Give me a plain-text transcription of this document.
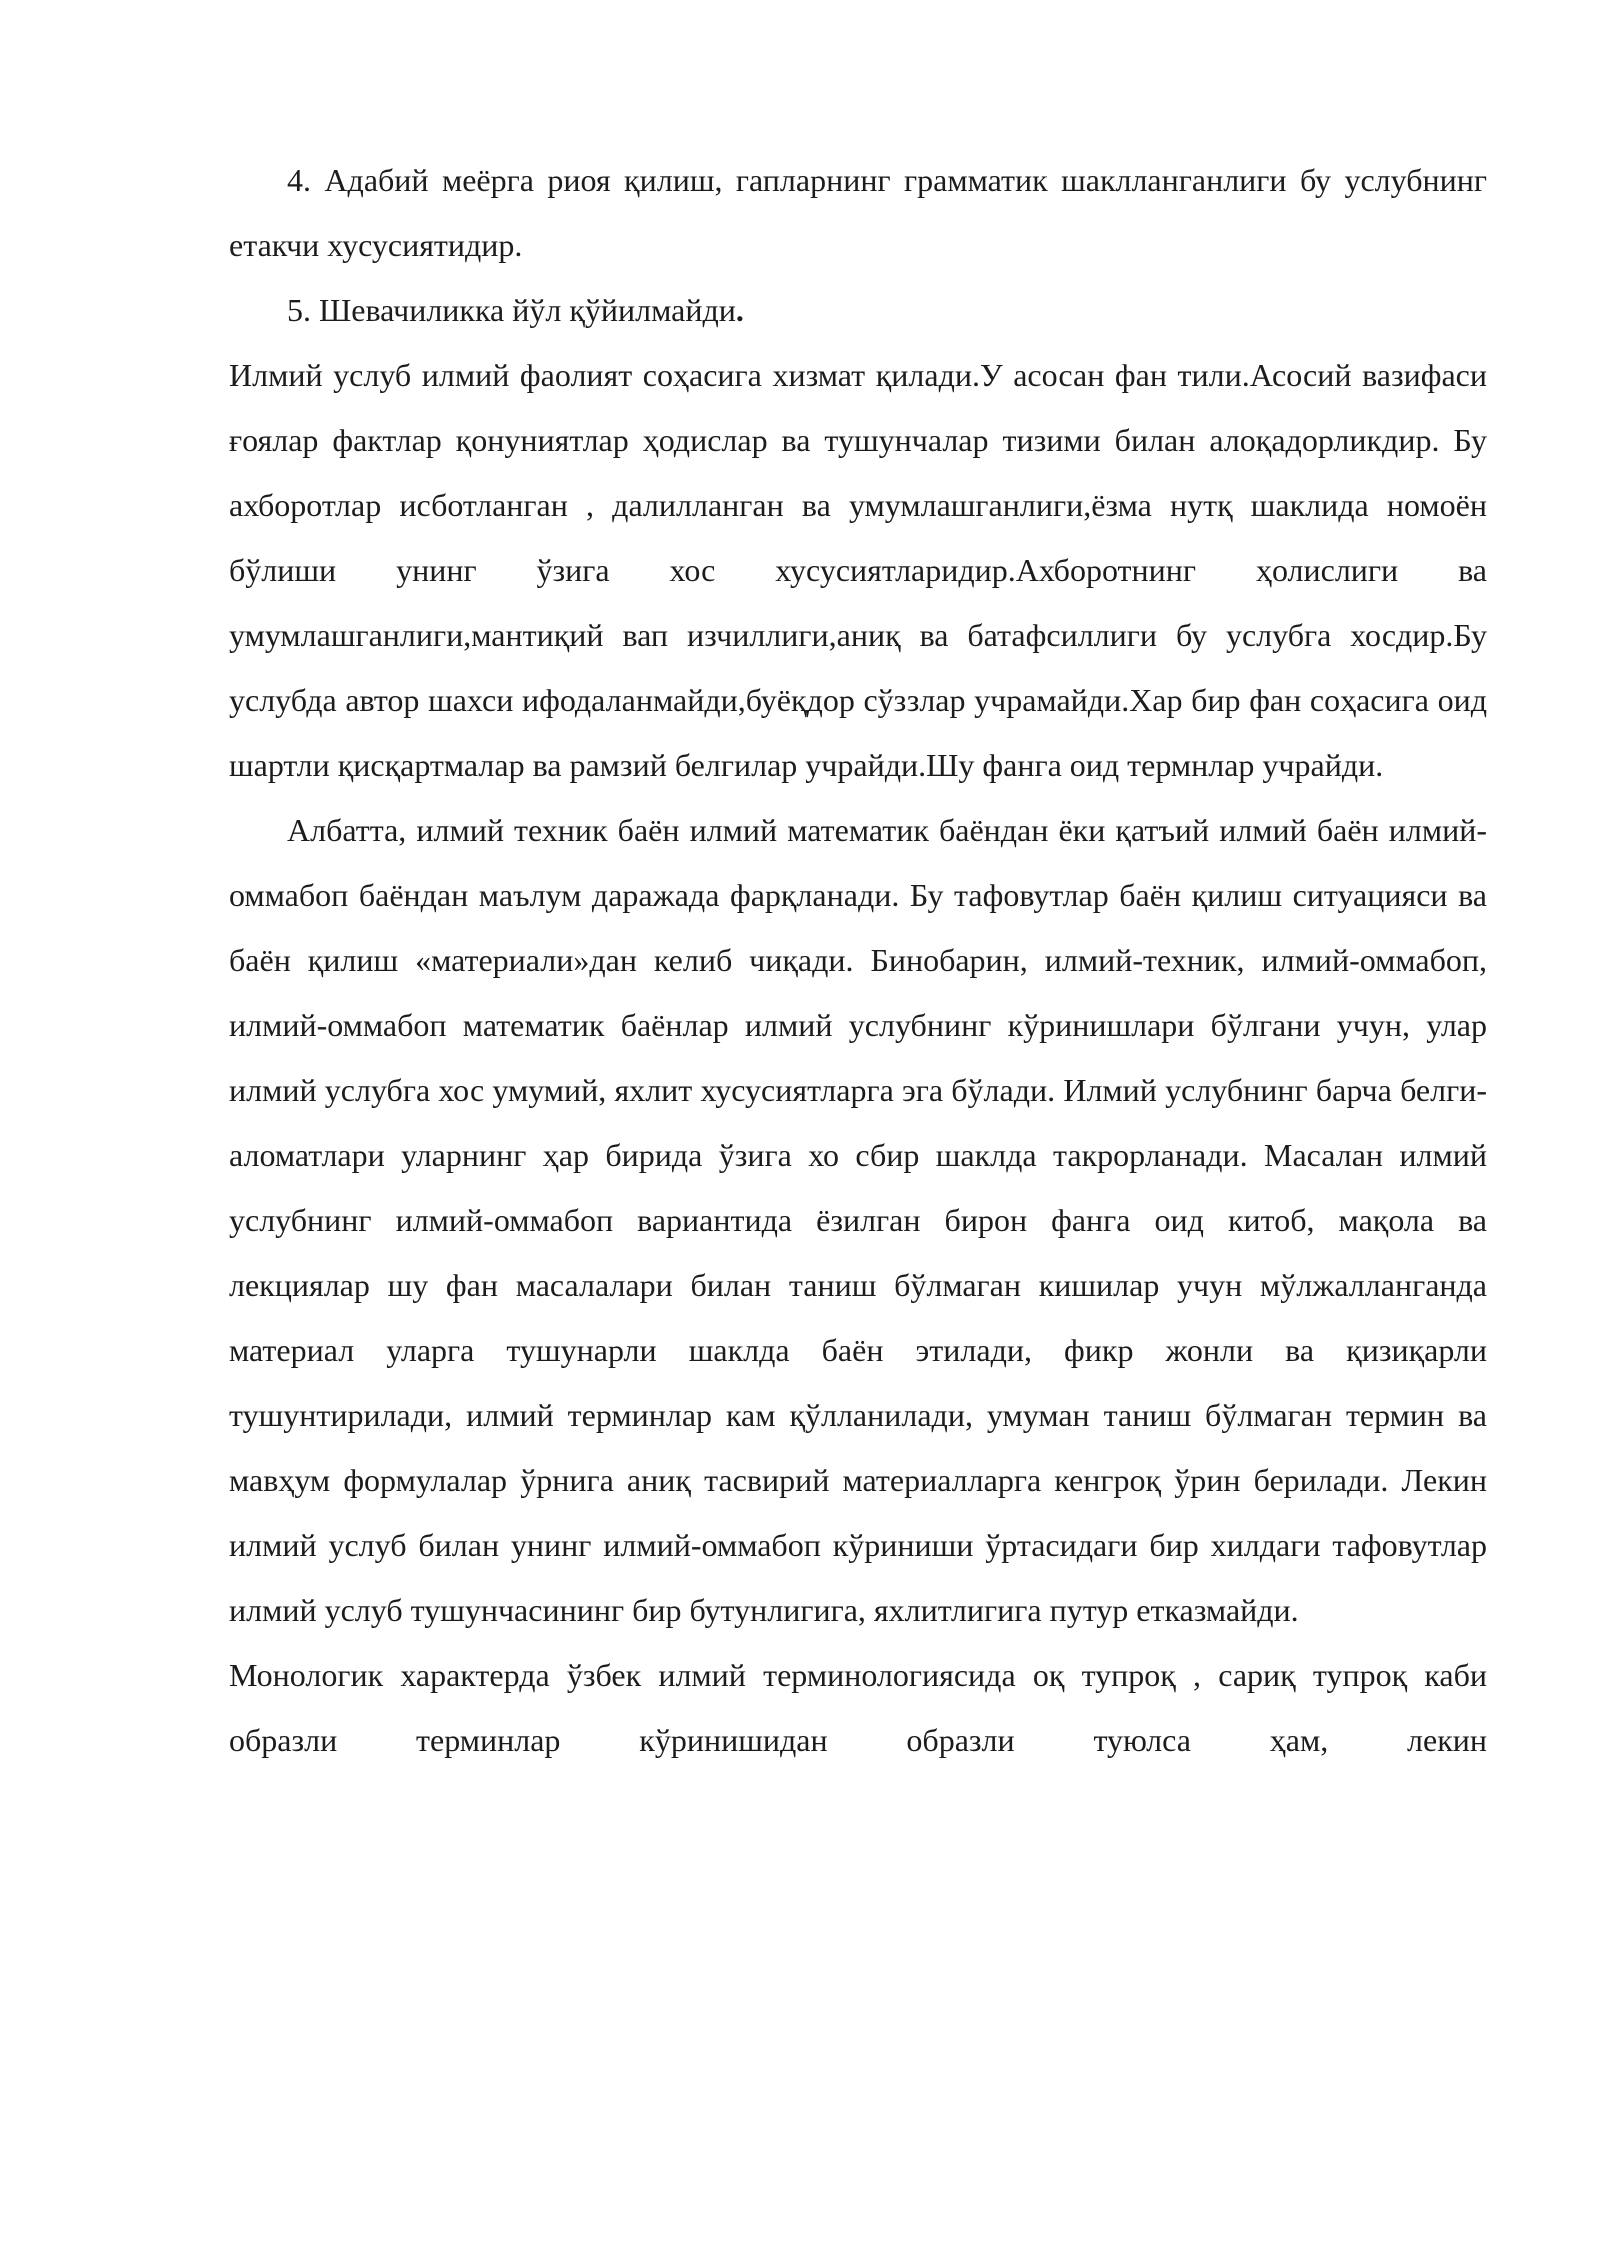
4. Адабий меёрга риоя қилиш, гапларнинг грамматик шаклланганлиги бу услубнинг етакчи хусусиятидир.

5. Шевачиликка йўл қўйилмайди.

Илмий услуб илмий фаолият соҳасига хизмат қилади.У асосан фан тили.Асосий вазифаси ғоялар фактлар қонуниятлар ҳодислар ва тушунчалар тизими билан алоқадорликдир. Бу ахборотлар исботланган , далилланган ва умумлашганлиги,ёзма нутқ шаклида номоён бўлиши унинг ўзига хос хусусиятларидир.Ахборотнинг ҳолислиги ва умумлашганлиги,мантиқий вап изчиллиги,аниқ ва батафсиллиги бу услубга хосдир.Бу услубда автор шахси ифодаланмайди,буёқдор сўззлар учрамайди.Хар бир фан соҳасига оид шартли қисқартмалар ва рамзий белгилар учрайди.Шу фанга оид термнлар учрайди.

Албатта, илмий техник баён илмий математик баёндан ёки қатъий илмий баён илмий-оммабоп баёндан маълум даражада фарқланади. Бу тафовутлар баён қилиш ситуацияси ва баён қилиш «материали»дан келиб чиқади. Бинобарин, илмий-техник, илмий-оммабоп, илмий-оммабоп математик баёнлар илмий услубнинг кўринишлари бўлгани учун, улар илмий услубга хос умумий, яхлит хусусиятларга эга бўлади. Илмий услубнинг барча белги-аломатлари уларнинг ҳар бирида ўзига хо сбир шаклда такрорланади. Масалан илмий услубнинг илмий-оммабоп вариантида ёзилган бирон фанга оид китоб, мақола ва лекциялар шу фан масалалари билан таниш бўлмаган кишилар учун мўлжалланганда материал уларга тушунарли шаклда баён этилади, фикр жонли ва қизиқарли тушунтирилади, илмий терминлар кам қўлланилади, умуман таниш бўлмаган термин ва мавҳум формулалар ўрнига аниқ тасвирий материалларга кенгроқ ўрин берилади. Лекин илмий услуб билан унинг илмий-оммабоп кўриниши ўртасидаги бир хилдаги тафовутлар илмий услуб тушунчасининг бир бутунлигига, яхлитлигига путур етказмайди.

Монологик характерда ўзбек илмий терминологиясида оқ тупроқ , сариқ тупроқ каби образли терминлар кўринишидан образли туюлса ҳам, лекин
